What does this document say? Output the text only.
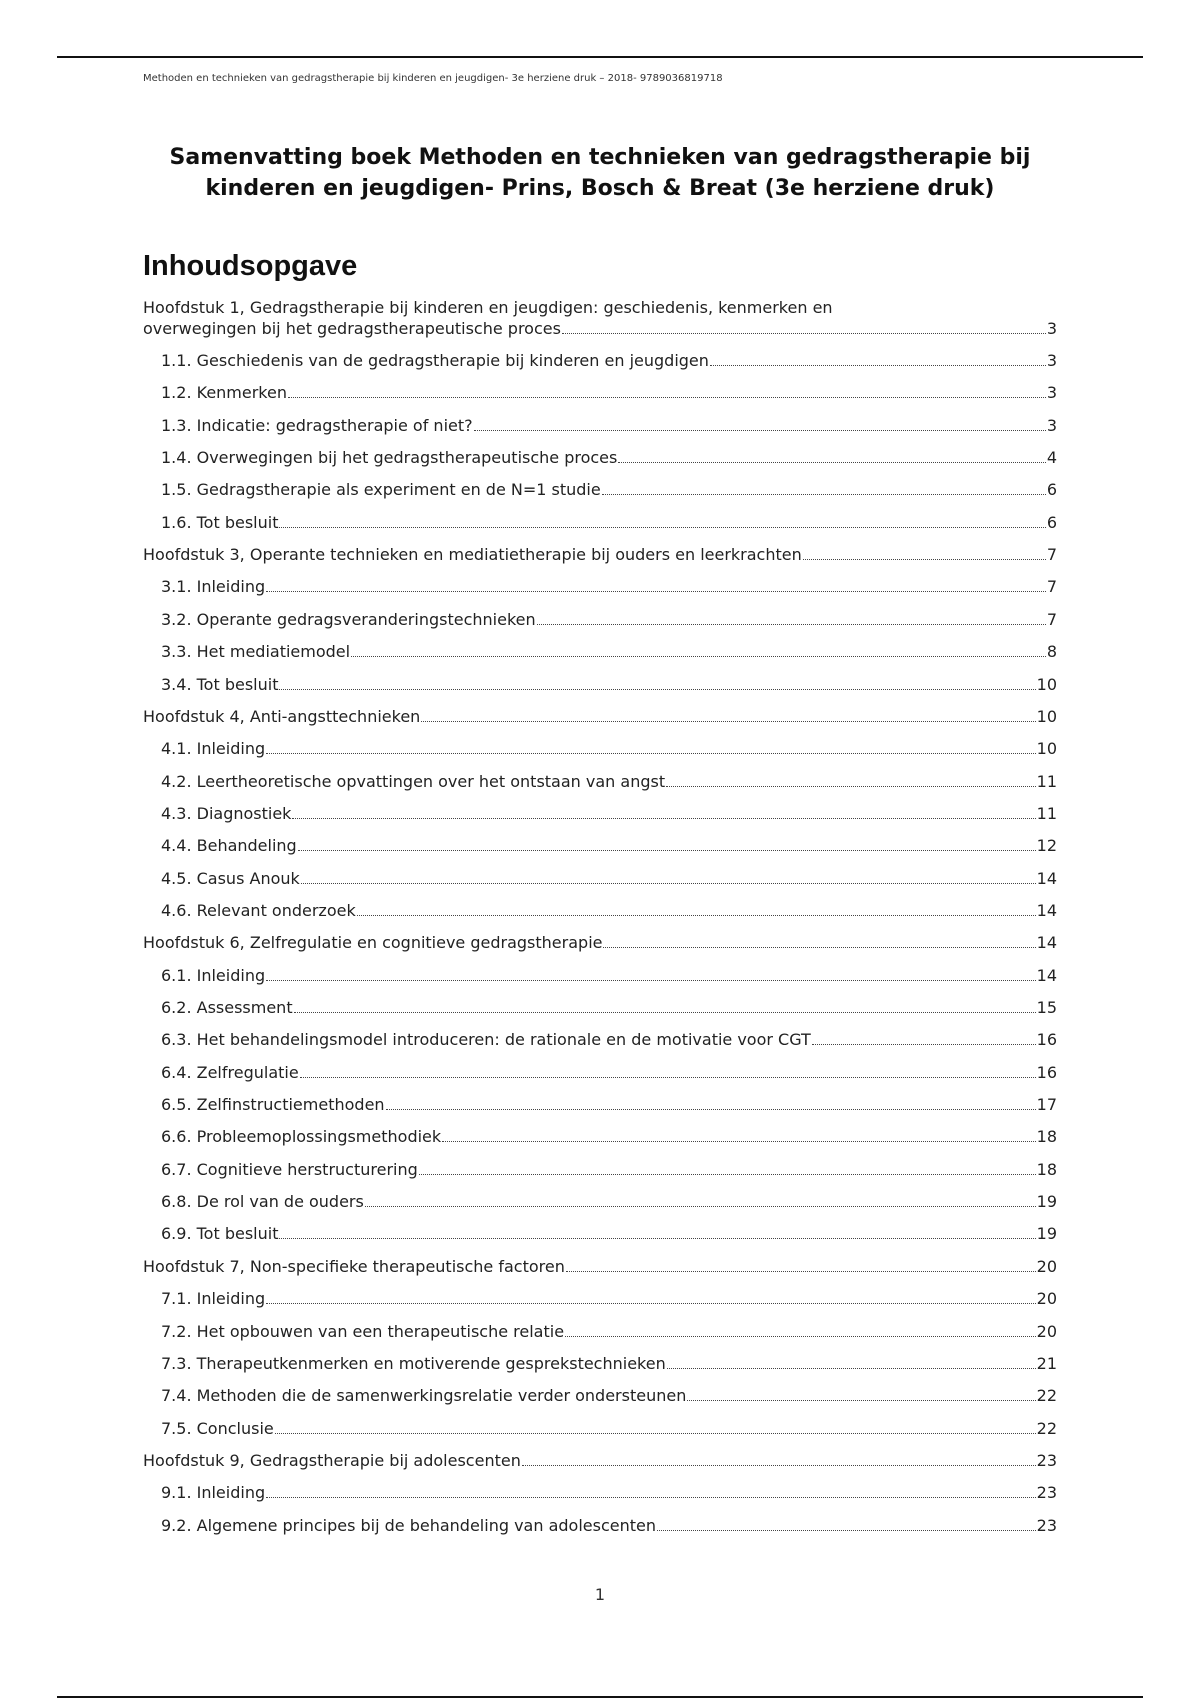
Methoden en technieken van gedragstherapie bij kinderen en jeugdigen- 3e herziene druk – 2018- 9789036819718
Samenvatting boek Methoden en technieken van gedragstherapie bij kinderen en jeugdigen- Prins, Bosch & Breat (3e herziene druk)
Inhoudsopgave
Hoofdstuk 1, Gedragstherapie bij kinderen en jeugdigen: geschiedenis, kenmerken en
overwegingen bij het gedragstherapeutische proces	3
1.1. Geschiedenis van de gedragstherapie bij kinderen en jeugdigen	3
1.2. Kenmerken	3
1.3. Indicatie: gedragstherapie of niet?	3
1.4. Overwegingen bij het gedragstherapeutische proces	4
1.5. Gedragstherapie als experiment en de N=1 studie	6
1.6. Tot besluit	6
Hoofdstuk 3, Operante technieken en mediatietherapie bij ouders en leerkrachten	7
3.1. Inleiding	7
3.2. Operante gedragsveranderingstechnieken	7
3.3. Het mediatiemodel	8
3.4. Tot besluit	10
Hoofdstuk 4, Anti-angsttechnieken	10
4.1. Inleiding	10
4.2. Leertheoretische opvattingen over het ontstaan van angst	11
4.3. Diagnostiek	11
4.4. Behandeling	12
4.5. Casus Anouk	14
4.6. Relevant onderzoek	14
Hoofdstuk 6, Zelfregulatie en cognitieve gedragstherapie	14
6.1. Inleiding	14
6.2. Assessment	15
6.3. Het behandelingsmodel introduceren: de rationale en de motivatie voor CGT	16
6.4. Zelfregulatie	16
6.5. Zelfinstructiemethoden	17
6.6. Probleemoplossingsmethodiek	18
6.7. Cognitieve herstructurering	18
6.8. De rol van de ouders	19
6.9. Tot besluit	19
Hoofdstuk 7, Non-specifieke therapeutische factoren	20
7.1. Inleiding	20
7.2. Het opbouwen van een therapeutische relatie	20
7.3. Therapeutkenmerken en motiverende gesprekstechnieken	21
7.4. Methoden die de samenwerkingsrelatie verder ondersteunen	22
7.5. Conclusie	22
Hoofdstuk 9, Gedragstherapie bij adolescenten	23
9.1. Inleiding	23
9.2. Algemene principes bij de behandeling van adolescenten	23
1
